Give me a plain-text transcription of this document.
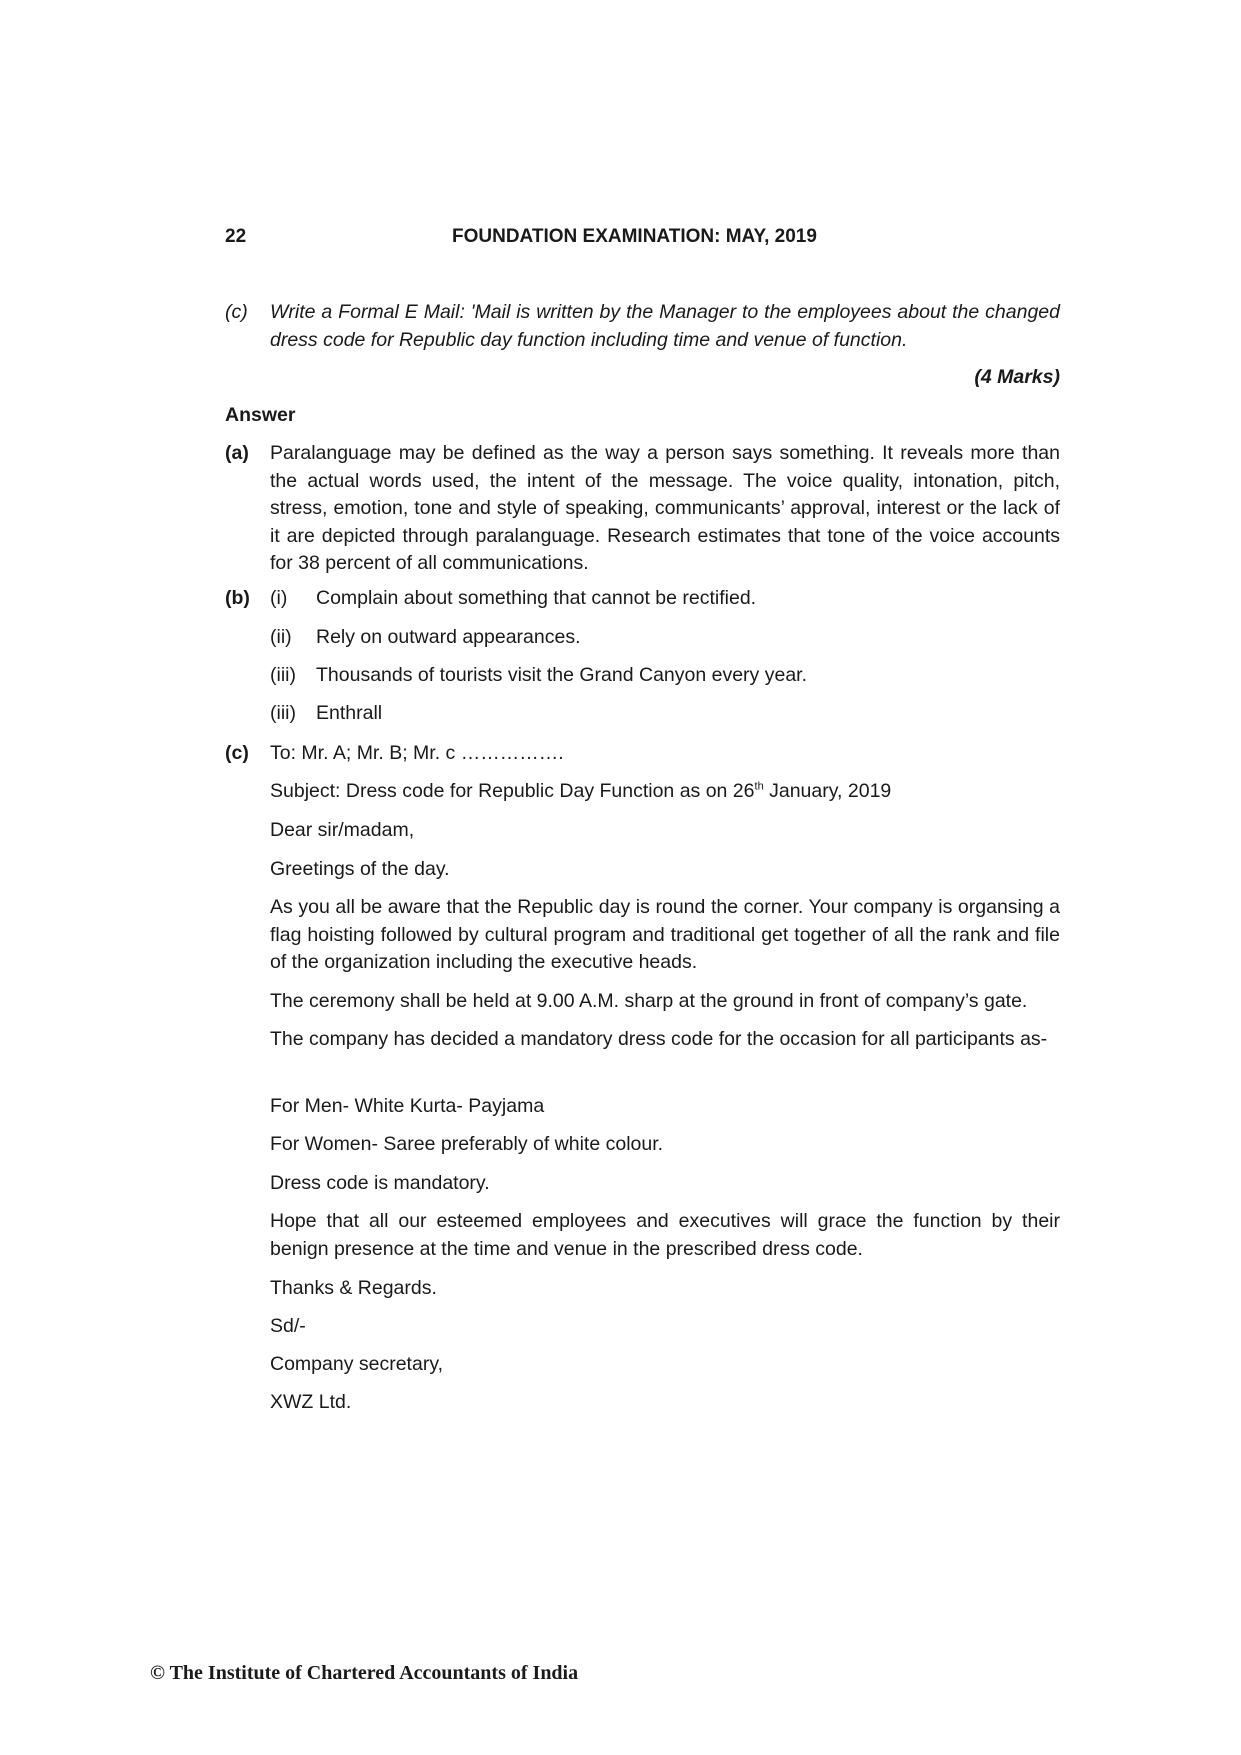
22	FOUNDATION EXAMINATION: MAY, 2019
(c) Write a Formal E Mail: 'Mail is written by the Manager to the employees about the changed dress code for Republic day function including time and venue of function.
(4 Marks)
Answer
(a) Paralanguage may be defined as the way a person says something. It reveals more than the actual words used, the intent of the message. The voice quality, intonation, pitch, stress, emotion, tone and style of speaking, communicants’ approval, interest or the lack of it are depicted through paralanguage. Research estimates that tone of the voice accounts for 38 percent of all communications.
(b) (i) Complain about something that cannot be rectified.
(ii) Rely on outward appearances.
(iii) Thousands of tourists visit the Grand Canyon every year.
(iii) Enthrall
(c) To: Mr. A; Mr. B; Mr. c …………….
Subject: Dress code for Republic Day Function as on 26th January, 2019
Dear sir/madam,
Greetings of the day.
As you all be aware that the Republic day is round the corner. Your company is organsing a flag hoisting followed by cultural program and traditional get together of all the rank and file of the organization including the executive heads.
The ceremony shall be held at 9.00 A.M. sharp at the ground in front of company’s gate.
The company has decided a mandatory dress code for the occasion for all participants as-
For Men- White Kurta- Payjama
For Women- Saree preferably of white colour.
Dress code is mandatory.
Hope that all our esteemed employees and executives will grace the function by their benign presence at the time and venue in the prescribed dress code.
Thanks & Regards.
Sd/-
Company secretary,
XWZ Ltd.
© The Institute of Chartered Accountants of India
